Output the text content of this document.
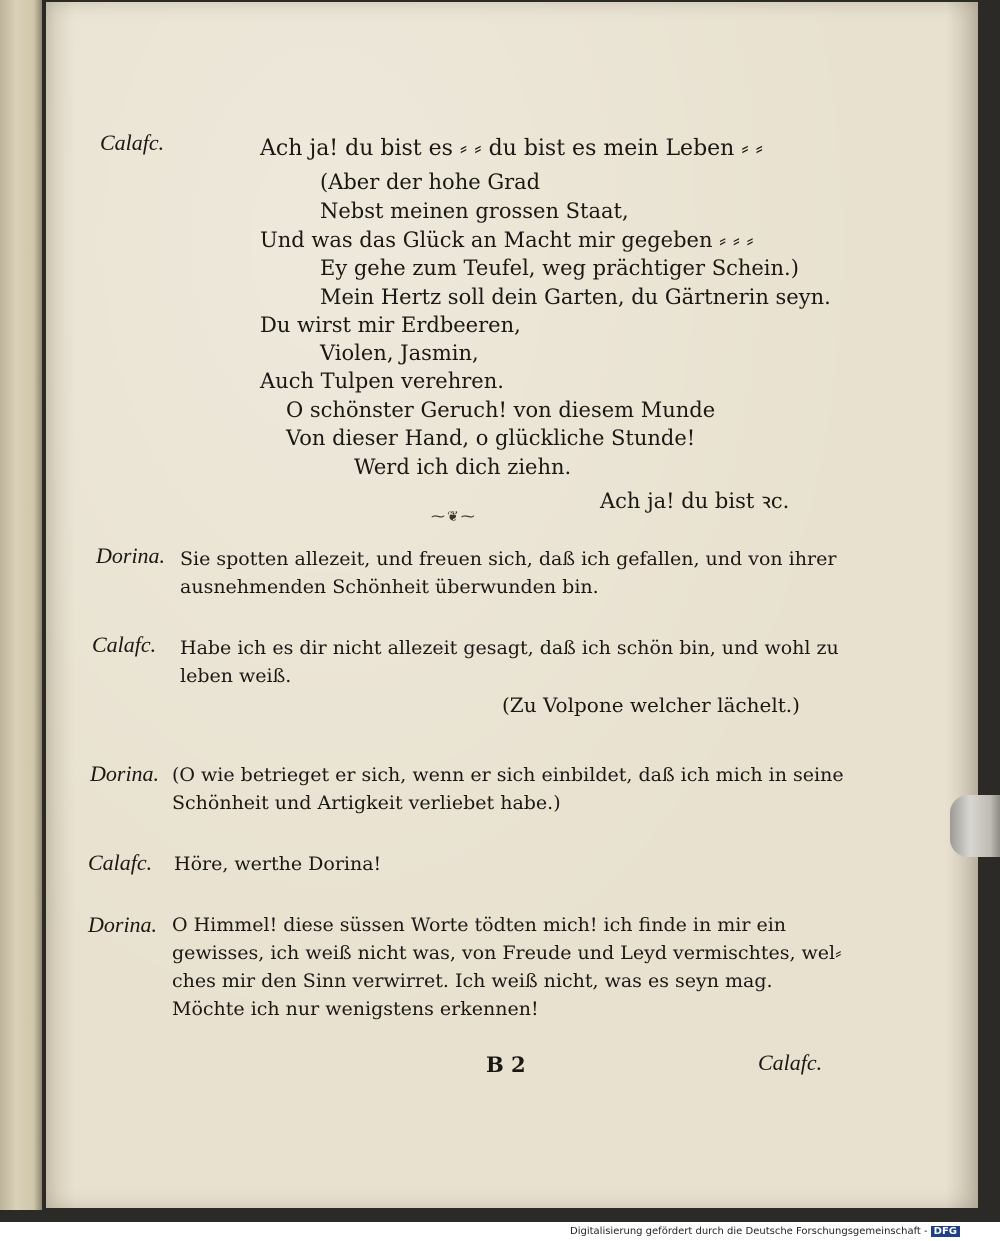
Calafc.	Ach ja! du bist es ⸗ ⸗ du bist es mein Leben ⸗ ⸗
(Aber der hohe Grad
Nebst meinen grossen Staat,
Und was das Glück an Macht mir gegeben ⸗ ⸗ ⸗
Ey gehe zum Teufel, weg prächtiger Schein.)
Mein Hertz soll dein Garten, du Gärtnerin seyn.
Du wirst mir Erdbeeren,
Violen, Jasmin,
Auch Tulpen verehren.
O schönster Geruch! von diesem Munde
Von dieser Hand, o glückliche Stunde!
Werd ich dich ziehn.
Ach ja! du bist ꝛc.
⁓❦⁓
Dorina. Sie spotten allezeit, und freuen sich, daß ich gefallen, und von ihrer
ausnehmenden Schönheit überwunden bin.
Calafc. Habe ich es dir nicht allezeit gesagt, daß ich schön bin, und wohl zu
leben weiß.
(Zu Volpone welcher lächelt.)
Dorina. (O wie betrieget er sich, wenn er sich einbildet, daß ich mich in seine
Schönheit und Artigkeit verliebet habe.)
Calafc. Höre, werthe Dorina!
Dorina. O Himmel! diese süssen Worte tödten mich! ich finde in mir ein
gewisses, ich weiß nicht was, von Freude und Leyd vermischtes, wel⸗
ches mir den Sinn verwirret. Ich weiß nicht, was es seyn mag.
Möchte ich nur wenigstens erkennen!
B 2	Calafc.
Digitalisierung gefördert durch die Deutsche Forschungsgemeinschaft - DFG
